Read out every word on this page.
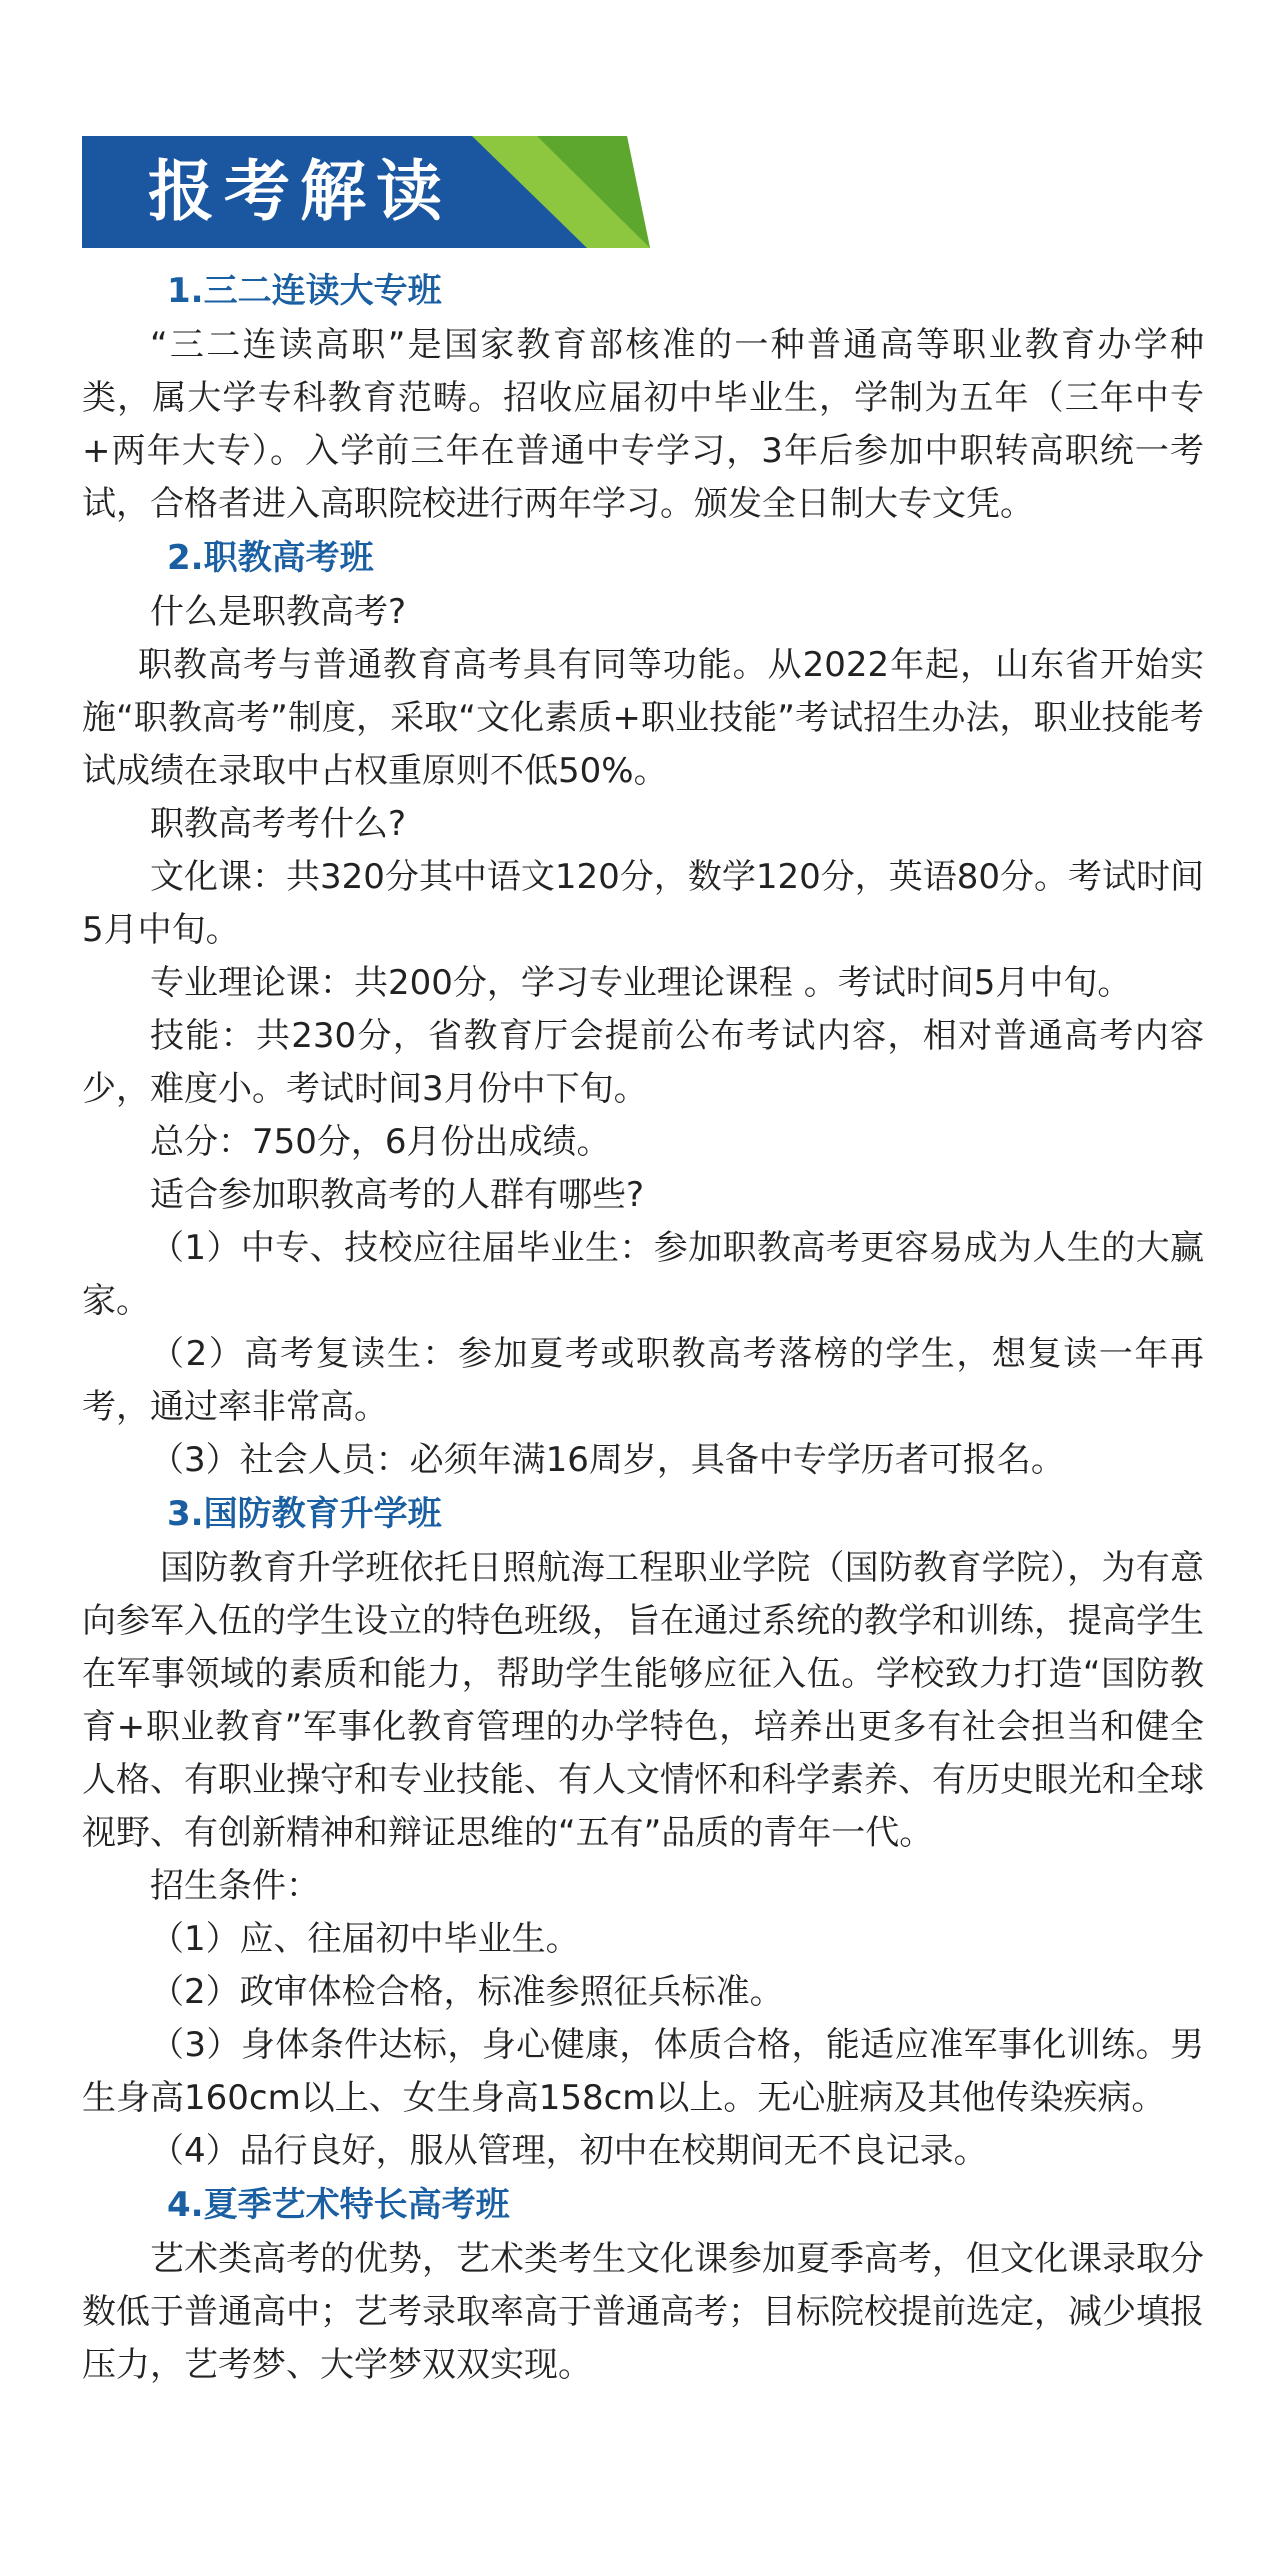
报考解读
1.三二连读大专班

“三二连读高职”是国家教育部核准的一种普通高等职业教育办学种类，属大学专科教育范畴。招收应届初中毕业生，学制为五年（三年中专+两年大专）。入学前三年在普通中专学习，3年后参加中职转高职统一考试，合格者进入高职院校进行两年学习。颁发全日制大专文凭。

2.职教高考班

什么是职教高考?

职教高考与普通教育高考具有同等功能。从2022年起，山东省开始实施“职教高考”制度，采取“文化素质+职业技能”考试招生办法，职业技能考试成绩在录取中占权重原则不低50%。

职教高考考什么?

文化课：共320分其中语文120分，数学120分，英语80分。考试时间5月中旬。

专业理论课：共200分，学习专业理论课程 。考试时间5月中旬。

技能：共230分，省教育厅会提前公布考试内容，相对普通高考内容少，难度小。考试时间3月份中下旬。

总分：750分，6月份出成绩。

适合参加职教高考的人群有哪些?

（1）中专、技校应往届毕业生：参加职教高考更容易成为人生的大赢家。

（2）高考复读生：参加夏考或职教高考落榜的学生，想复读一年再考，通过率非常高。

（3）社会人员：必须年满16周岁，具备中专学历者可报名。

3.国防教育升学班

国防教育升学班依托日照航海工程职业学院（国防教育学院），为有意向参军入伍的学生设立的特色班级，旨在通过系统的教学和训练，提高学生在军事领域的素质和能力，帮助学生能够应征入伍。学校致力打造“国防教育+职业教育”军事化教育管理的办学特色，培养出更多有社会担当和健全人格、有职业操守和专业技能、有人文情怀和科学素养、有历史眼光和全球视野、有创新精神和辩证思维的“五有”品质的青年一代。

招生条件：

（1）应、往届初中毕业生。

（2）政审体检合格，标准参照征兵标准。

（3）身体条件达标，身心健康，体质合格，能适应准军事化训练。男生身高160cm以上、女生身高158cm以上。无心脏病及其他传染疾病。

（4）品行良好，服从管理，初中在校期间无不良记录。

4.夏季艺术特长高考班

艺术类高考的优势，艺术类考生文化课参加夏季高考，但文化课录取分数低于普通高中；艺考录取率高于普通高考；目标院校提前选定，减少填报压力，艺考梦、大学梦双双实现。
